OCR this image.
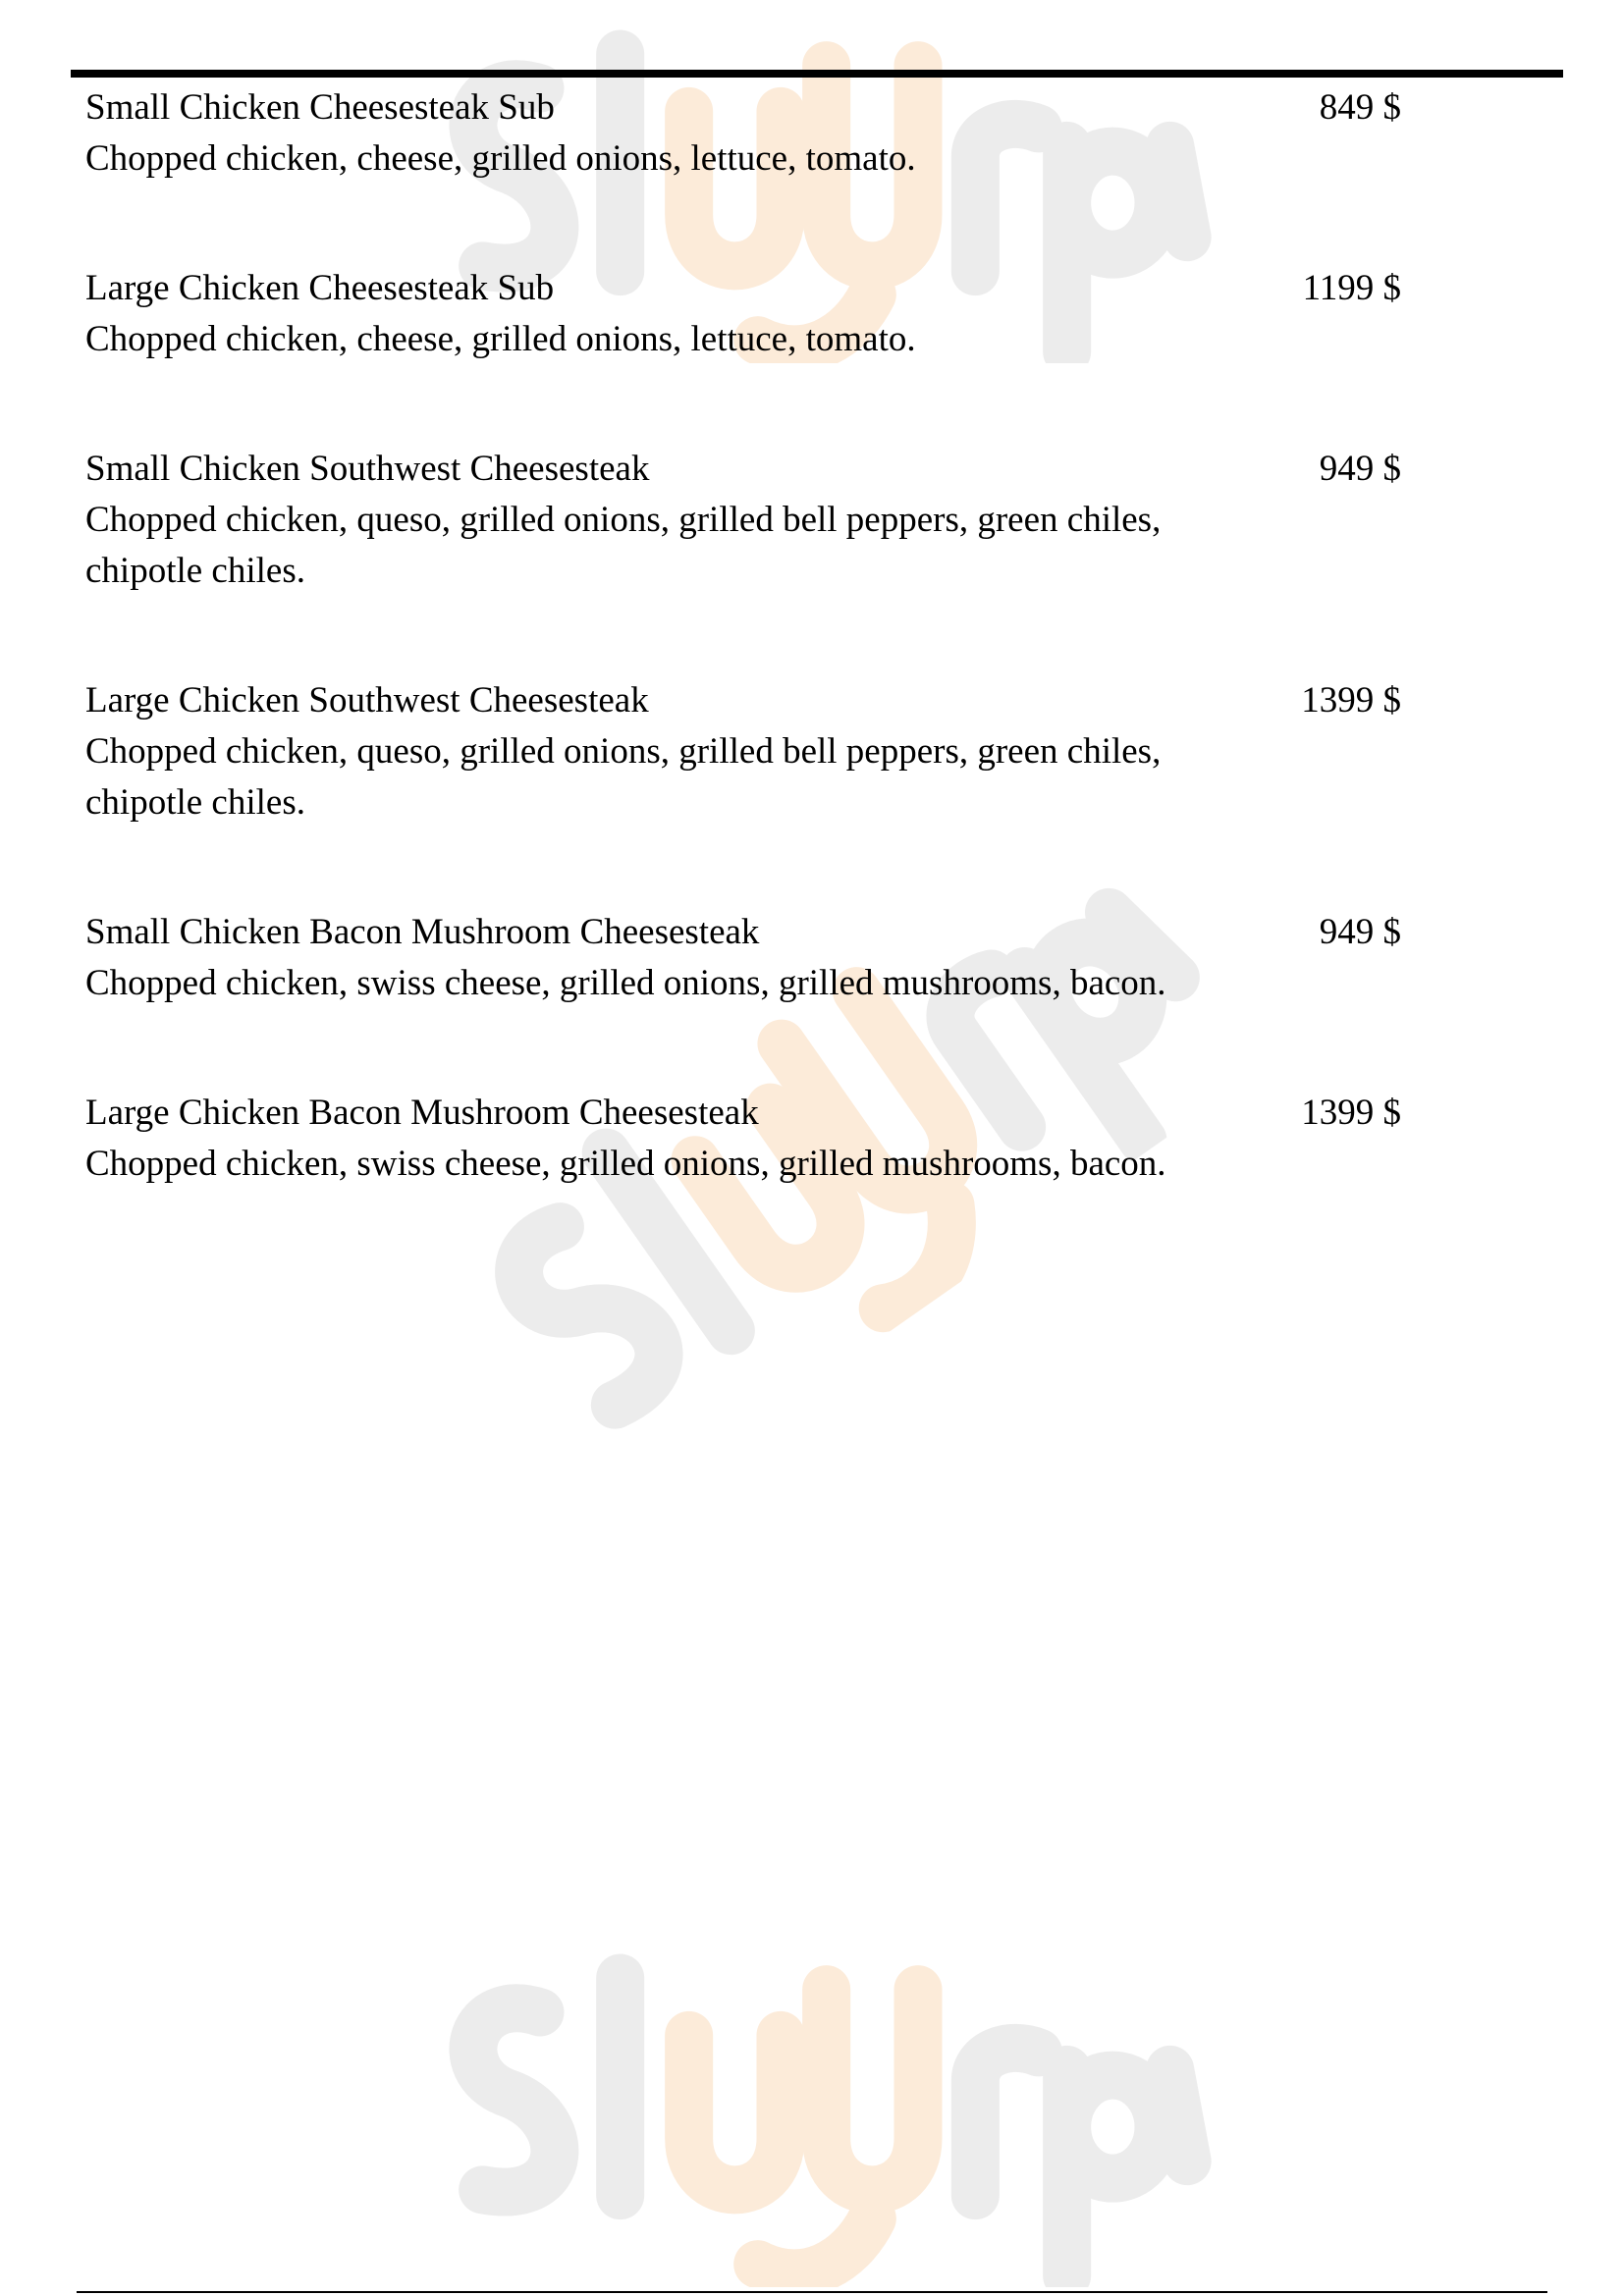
Small Chicken Cheesesteak Sub
Chopped chicken, cheese, grilled onions, lettuce, tomato.
849 $
Large Chicken Cheesesteak Sub
Chopped chicken, cheese, grilled onions, lettuce, tomato.
1199 $
Small Chicken Southwest Cheesesteak
Chopped chicken, queso, grilled onions, grilled bell peppers, green chiles, chipotle chiles.
949 $
Large Chicken Southwest Cheesesteak
Chopped chicken, queso, grilled onions, grilled bell peppers, green chiles, chipotle chiles.
1399 $
Small Chicken Bacon Mushroom Cheesesteak
Chopped chicken, swiss cheese, grilled onions, grilled mushrooms, bacon.
949 $
Large Chicken Bacon Mushroom Cheesesteak
Chopped chicken, swiss cheese, grilled onions, grilled mushrooms, bacon.
1399 $
